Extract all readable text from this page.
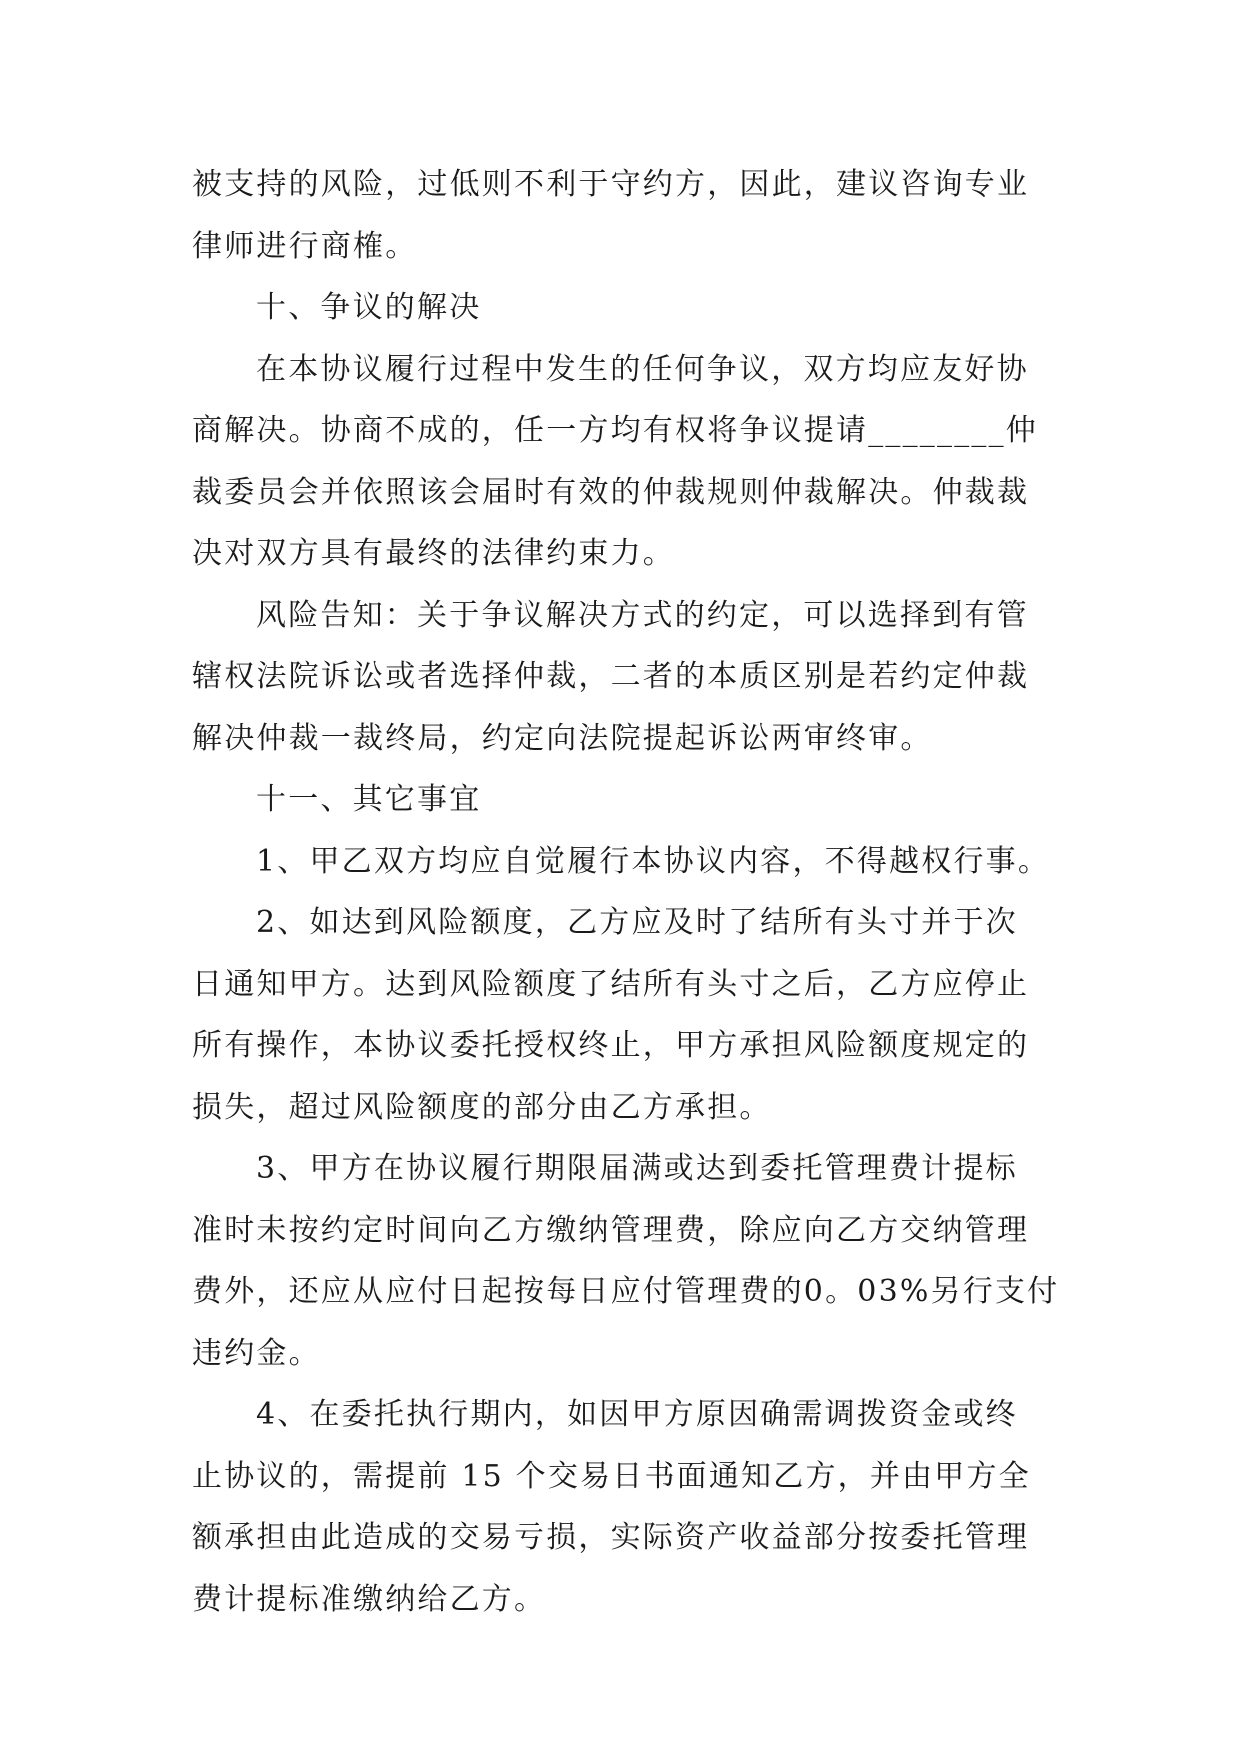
被支持的风险，过低则不利于守约方，因此，建议咨询专业
律师进行商榷。
十、争议的解决
在本协议履行过程中发生的任何争议，双方均应友好协
商解决。协商不成的，任一方均有权将争议提请________仲
裁委员会并依照该会届时有效的仲裁规则仲裁解决。仲裁裁
决对双方具有最终的法律约束力。
风险告知：关于争议解决方式的约定，可以选择到有管
辖权法院诉讼或者选择仲裁，二者的本质区别是若约定仲裁
解决仲裁一裁终局，约定向法院提起诉讼两审终审。
十一、其它事宜
1、甲乙双方均应自觉履行本协议内容，不得越权行事。
2、如达到风险额度，乙方应及时了结所有头寸并于次
日通知甲方。达到风险额度了结所有头寸之后，乙方应停止
所有操作，本协议委托授权终止，甲方承担风险额度规定的
损失，超过风险额度的部分由乙方承担。
3、甲方在协议履行期限届满或达到委托管理费计提标
准时未按约定时间向乙方缴纳管理费，除应向乙方交纳管理
费外，还应从应付日起按每日应付管理费的0。03%另行支付
违约金。
4、在委托执行期内，如因甲方原因确需调拨资金或终
止协议的，需提前 15 个交易日书面通知乙方，并由甲方全
额承担由此造成的交易亏损，实际资产收益部分按委托管理
费计提标准缴纳给乙方。
